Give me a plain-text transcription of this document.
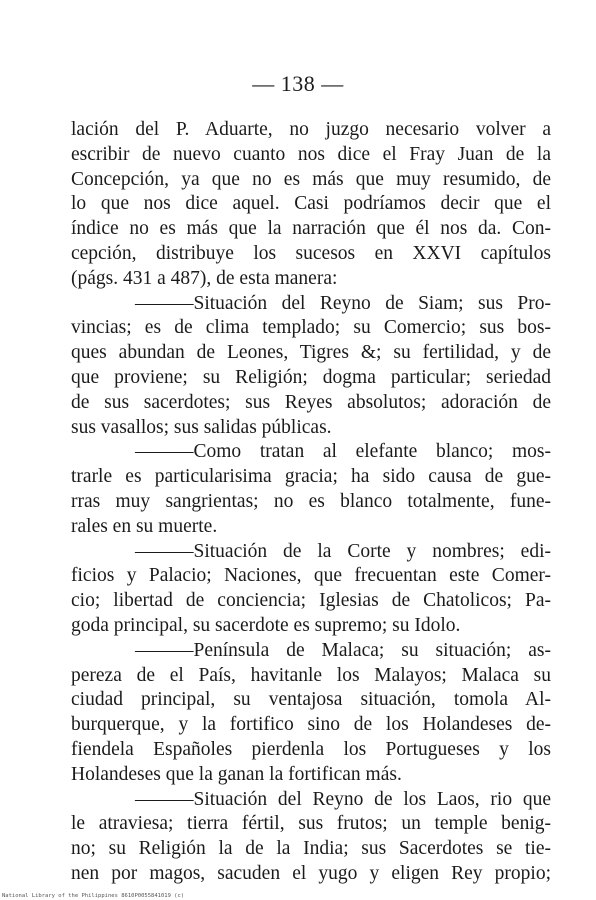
— 138 —
lación del P. Aduarte, no juzgo necesario volver a
escribir de nuevo cuanto nos dice el Fray Juan de la
Concepción, ya que no es más que muy resumido, de
lo que nos dice aquel. Casi podríamos decir que el
índice no es más que la narración que él nos da. Con-
cepción, distribuye los sucesos en XXVI capítulos
(págs. 431 a 487), de esta manera:
———Situación del Reyno de Siam; sus Pro-
vincias; es de clima templado; su Comercio; sus bos-
ques abundan de Leones, Tigres &; su fertilidad, y de
que proviene; su Religión; dogma particular; seriedad
de sus sacerdotes; sus Reyes absolutos; adoración de
sus vasallos; sus salidas públicas.
———Como tratan al elefante blanco; mos-
trarle es particularisima gracia; ha sido causa de gue-
rras muy sangrientas; no es blanco totalmente, fune-
rales en su muerte.
———Situación de la Corte y nombres; edi-
ficios y Palacio; Naciones, que frecuentan este Comer-
cio; libertad de conciencia; Iglesias de Chatolicos; Pa-
goda principal, su sacerdote es supremo; su Idolo.
———Península de Malaca; su situación; as-
pereza de el País, havitanle los Malayos; Malaca su
ciudad principal, su ventajosa situación, tomola Al-
burquerque, y la fortifico sino de los Holandeses de-
fiendela Españoles pierdenla los Portugueses y los
Holandeses que la ganan la fortifican más.
———Situación del Reyno de los Laos, rio que
le atraviesa; tierra fértil, sus frutos; un temple benig-
no; su Religión la de la India; sus Sacerdotes se tie-
nen por magos, sacuden el yugo y eligen Rey propio;
National Library of the Philippines 8610P0055841019 (c)
